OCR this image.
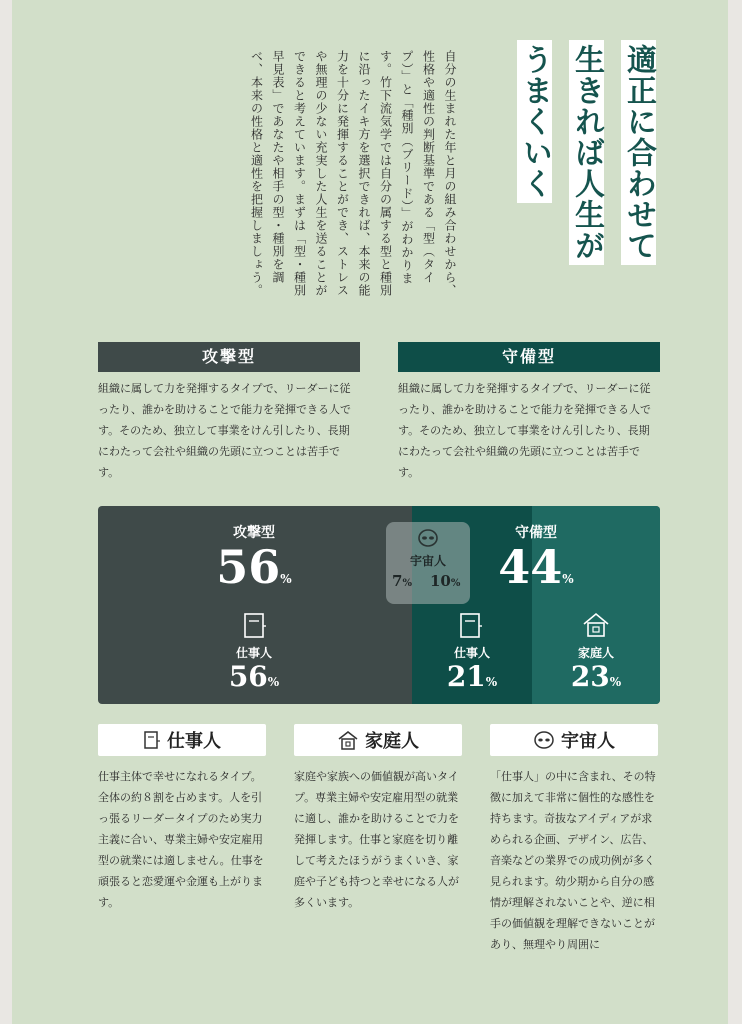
適正に合わせて
生きれば人生が
うまくいく
自分の生まれた年と月の組み合わせから、性格や適性の判断基準である「型（タイプ）」と「種別（ブリード）」がわかります。竹下流気学では自分の属する型と種別に沿ったイキ方を選択できれば、本来の能力を十分に発揮することができ、ストレスや無理の少ない充実した人生を送ることができると考えています。まずは「型・種別 早見表」であなたや相手の型・種別を調べ、本来の性格と適性を把握しましょう。
攻撃型	守備型
組織に属して力を発揮するタイプで、リーダーに従ったり、誰かを助けることで能力を発揮できる人です。そのため、独立して事業をけん引したり、長期にわたって会社や組織の先頭に立つことは苦手です。
組織に属して力を発揮するタイプで、リーダーに従ったり、誰かを助けることで能力を発揮できる人です。そのため、独立して事業をけん引したり、長期にわたって会社や組織の先頭に立つことは苦手です。
攻撃型
56%
守備型
44%
宇宙人
7% 10%
仕事人
56%
仕事人
21%
家庭人
23%
仕事人
仕事主体で幸せになれるタイプ。全体の約８割を占めます。人を引っ張るリーダータイプのため実力主義に合い、専業主婦や安定雇用型の就業には適しません。仕事を頑張ると恋愛運や金運も上がります。
家庭人
家庭や家族への価値観が高いタイプ。専業主婦や安定雇用型の就業に適し、誰かを助けることで力を発揮します。仕事と家庭を切り離して考えたほうがうまくいき、家庭や子ども持つと幸せになる人が多くいます。
宇宙人
「仕事人」の中に含まれ、その特徴に加えて非常に個性的な感性を持ちます。奇抜なアイディアが求められる企画、デザイン、広告、音楽などの業界での成功例が多く見られます。幼少期から自分の感情が理解されないことや、逆に相手の価値観を理解できないことがあり、無理やり周囲に
